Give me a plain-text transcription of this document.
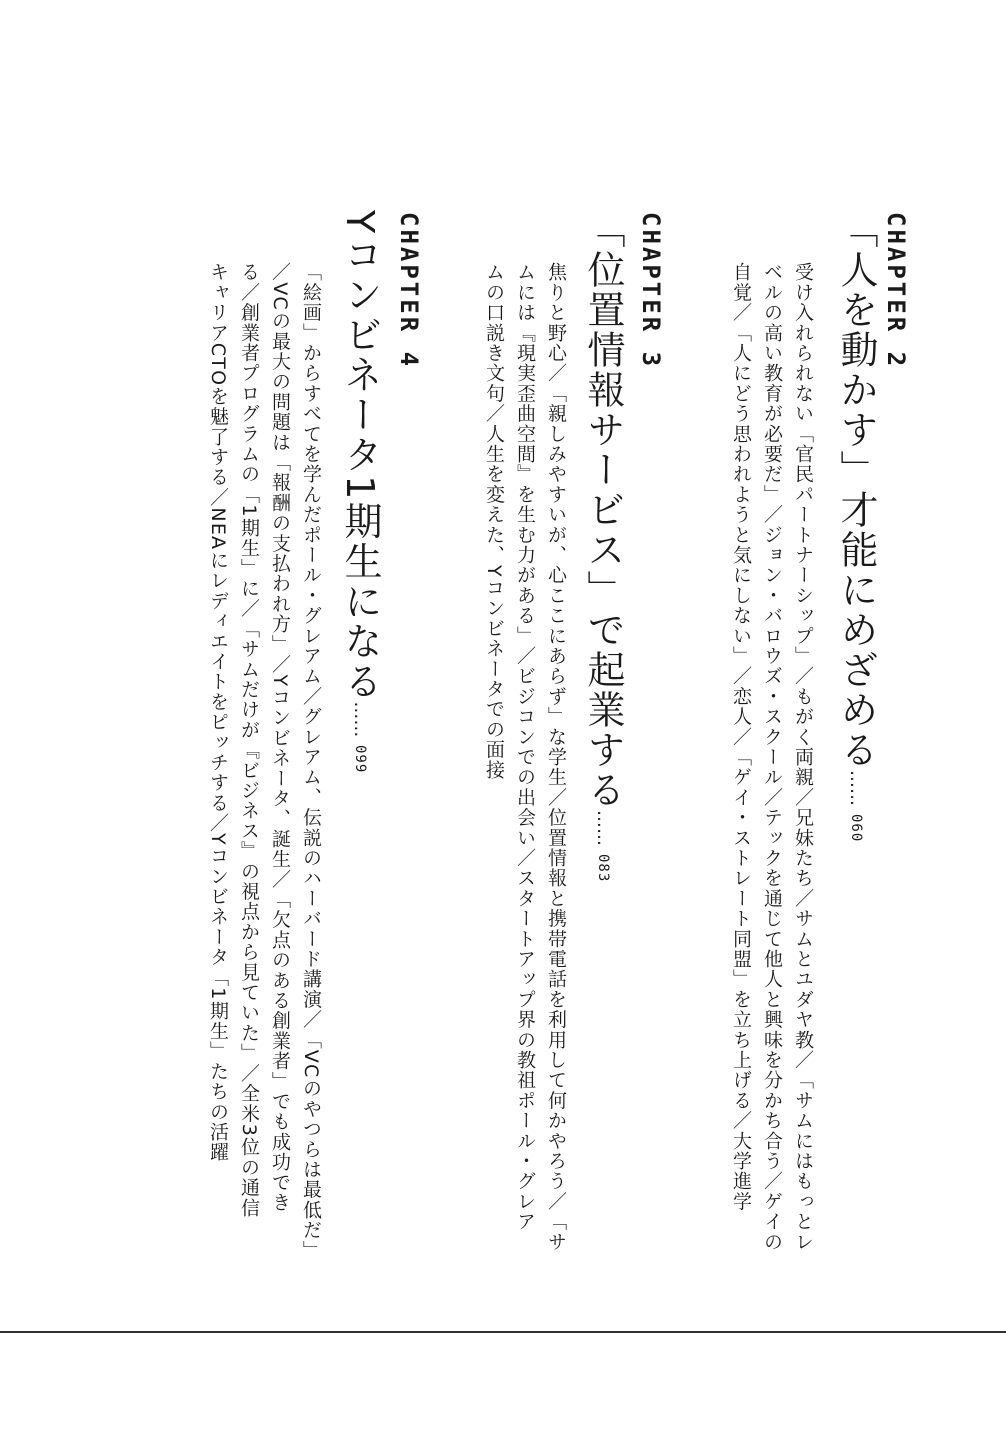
CHAPTER 2
「人を動かす」才能にめざめる……060
受け入れられない「官民パートナーシップ」／もがく両親／兄妹たち／サムとユダヤ教／「サムにはもっとレ
ベルの高い教育が必要だ」／ジョン・バロウズ・スクール／テックを通じて他人と興味を分かち合う／ゲイの
自覚／「人にどう思われようと気にしない」／恋人／「ゲイ・ストレート同盟」を立ち上げる／大学進学
CHAPTER 3
「位置情報サービス」で起業する……083
焦りと野心／「親しみやすいが、心ここにあらず」な学生／位置情報と携帯電話を利用して何かやろう／「サ
ムには『現実歪曲空間』を生む力がある」／ビジコンでの出会い／スタートアップ界の教祖ポール・グレア
ムの口説き文句／人生を変えた、Yコンビネータでの面接
CHAPTER 4
Yコンビネータ1期生になる……099
「絵画」からすべてを学んだポール・グレアム／グレアム、伝説のハーバード講演／「VCのやつらは最低だ」
／VCの最大の問題は「報酬の支払われ方」／Yコンビネータ、誕生／「欠点のある創業者」でも成功でき
る／創業者プログラムの「1期生」に／「サムだけが『ビジネス』の視点から見ていた」／全米3位の通信
キャリアCTOを魅了する／NEAにレディエイトをピッチする／Yコンビネータ「1期生」たちの活躍
